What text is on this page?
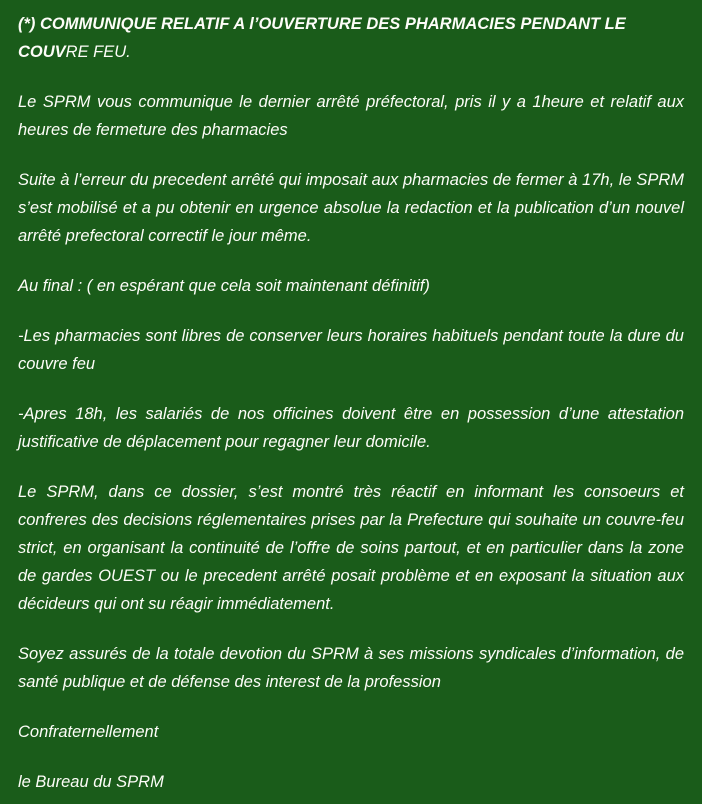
(*) COMMUNIQUE RELATIF A l’OUVERTURE DES PHARMACIES PENDANT LE COUVRE FEU.

Le SPRM vous communique le dernier arrêté préfectoral, pris il y a 1heure et relatif aux heures de fermeture des pharmacies

Suite à l’erreur du precedent arrêté qui imposait aux pharmacies de fermer à 17h, le SPRM s’est mobilisé et a pu obtenir en urgence absolue la redaction et la publication d’un nouvel arrêté prefectoral correctif le jour même.

Au final : ( en espérant que cela soit maintenant définitif)

-Les pharmacies sont libres de conserver leurs horaires habituels pendant toute la dure du couvre feu

-Apres 18h, les salariés de nos officines doivent être en possession d’une attestation justificative de déplacement pour regagner leur domicile.

Le SPRM, dans ce dossier, s’est montré très réactif en informant les consoeurs et confreres des decisions réglementaires prises par la Prefecture qui souhaite un couvre-feu strict, en organisant la continuité de l’offre de soins partout, et en particulier dans la zone de gardes OUEST ou le precedent arrêté posait problème et en exposant la situation aux décideurs qui ont su réagir immédiatement.

Soyez assurés de la totale devotion du SPRM à ses missions syndicales d’information, de santé publique et de défense des interest de la profession

Confraternellement

le Bureau du SPRM
